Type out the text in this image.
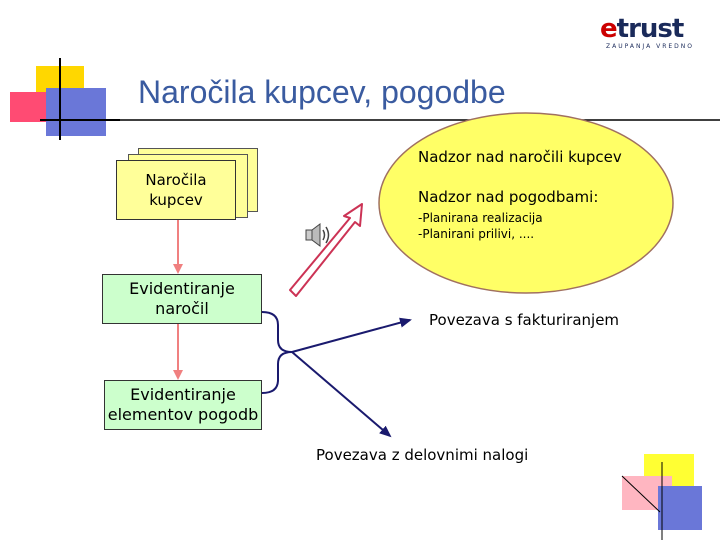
Naročila kupcev, pogodbe
etrust
ZAUPANJA VREDNO
Naročila
kupcev
Evidentiranje
naročil
Evidentiranje
elementov pogodb
Nadzor nad naročili kupcev
Nadzor nad pogodbami:
-Planirana realizacija
-Planirani prilivi, ....
Povezava s fakturiranjem
Povezava z delovnimi nalogi
